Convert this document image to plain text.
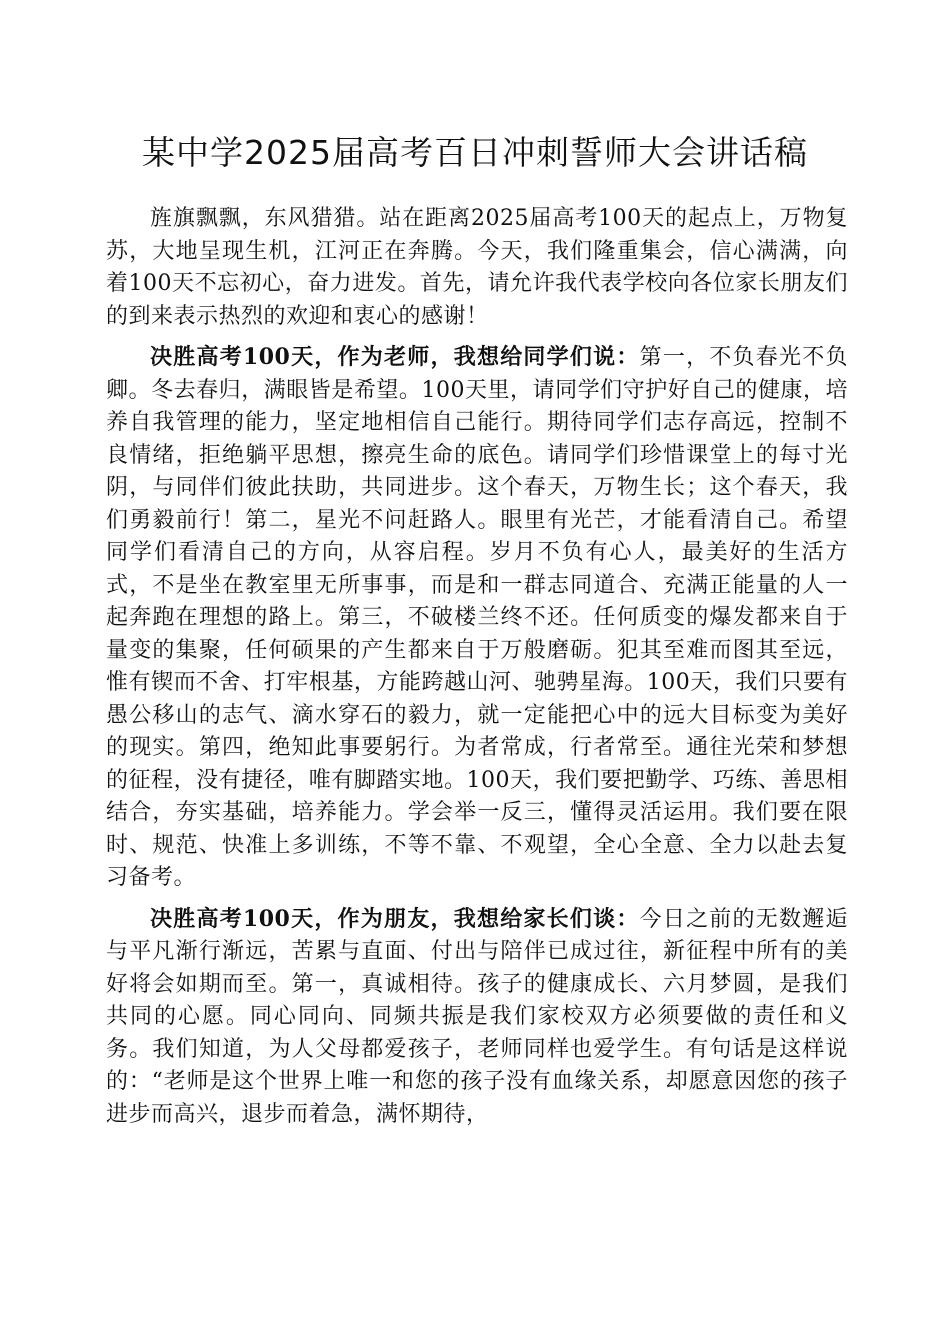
某中学2025届高考百日冲刺誓师大会讲话稿

旌旗飘飘，东风猎猎。站在距离2025届高考100天的起点上，万物复苏，大地呈现生机，江河正在奔腾。今天，我们隆重集会，信心满满，向着100天不忘初心，奋力进发。首先，请允许我代表学校向各位家长朋友们的到来表示热烈的欢迎和衷心的感谢！

决胜高考100天，作为老师，我想给同学们说：第一，不负春光不负卿。冬去春归，满眼皆是希望。100天里，请同学们守护好自己的健康，培养自我管理的能力，坚定地相信自己能行。期待同学们志存高远，控制不良情绪，拒绝躺平思想，擦亮生命的底色。请同学们珍惜课堂上的每寸光阴，与同伴们彼此扶助，共同进步。这个春天，万物生长；这个春天，我们勇毅前行！第二，星光不问赶路人。眼里有光芒，才能看清自己。希望同学们看清自己的方向，从容启程。岁月不负有心人，最美好的生活方式，不是坐在教室里无所事事，而是和一群志同道合、充满正能量的人一起奔跑在理想的路上。第三，不破楼兰终不还。任何质变的爆发都来自于量变的集聚，任何硕果的产生都来自于万般磨砺。犯其至难而图其至远，惟有锲而不舍、打牢根基，方能跨越山河、驰骋星海。100天，我们只要有愚公移山的志气、滴水穿石的毅力，就一定能把心中的远大目标变为美好的现实。第四，绝知此事要躬行。为者常成，行者常至。通往光荣和梦想的征程，没有捷径，唯有脚踏实地。100天，我们要把勤学、巧练、善思相结合，夯实基础，培养能力。学会举一反三，懂得灵活运用。我们要在限时、规范、快准上多训练，不等不靠、不观望，全心全意、全力以赴去复习备考。

决胜高考100天，作为朋友，我想给家长们谈：今日之前的无数邂逅与平凡渐行渐远，苦累与直面、付出与陪伴已成过往，新征程中所有的美好将会如期而至。第一，真诚相待。孩子的健康成长、六月梦圆，是我们共同的心愿。同心同向、同频共振是我们家校双方必须要做的责任和义务。我们知道，为人父母都爱孩子，老师同样也爱学生。有句话是这样说的：“老师是这个世界上唯一和您的孩子没有血缘关系，却愿意因您的孩子进步而高兴，退步而着急，满怀期待，
